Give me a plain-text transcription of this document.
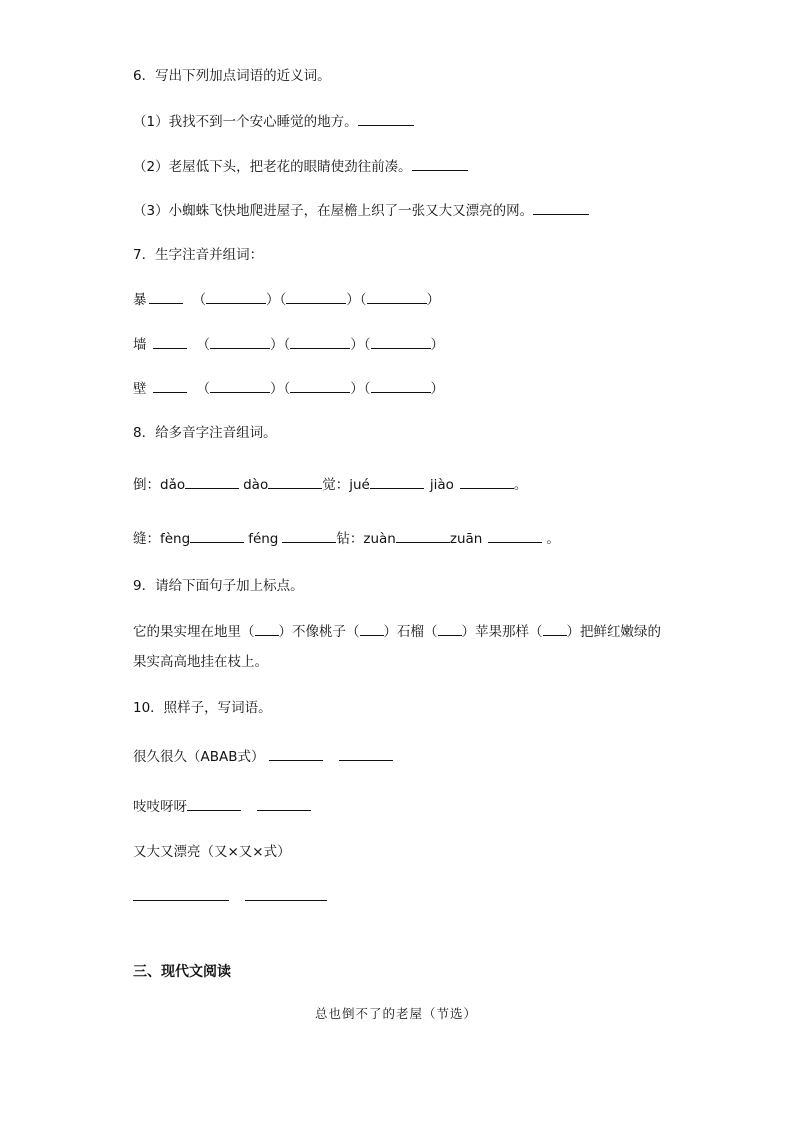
6．写出下列加点词语的近义词。
（1）我找不到一个安心睡觉的地方。
（2）老屋低下头，把老花的眼睛使劲往前凑。
（3）小蜘蛛飞快地爬进屋子，在屋檐上织了一张又大又漂亮的网。
7．生字注音并组词：
暴	（	）（	）（	）
墙	（	）（	）（	）
壁	（	）（	）（	）
8．给多音字注音组词。
倒：dǎo	dào	觉：jué	jiào	。
缝：fèng	féng	钻：zuàn	zuān	。
9．请给下面句子加上标点。
它的果实埋在地里（ ）不像桃子（ ）石榴（ ）苹果那样（ ）把鲜红嫩绿的
果实高高地挂在枝上。
10．照样子，写词语。
很久很久（ABAB式）
吱吱呀呀
又大又漂亮（又×又×式）
三、现代文阅读
总也倒不了的老屋（节选）
